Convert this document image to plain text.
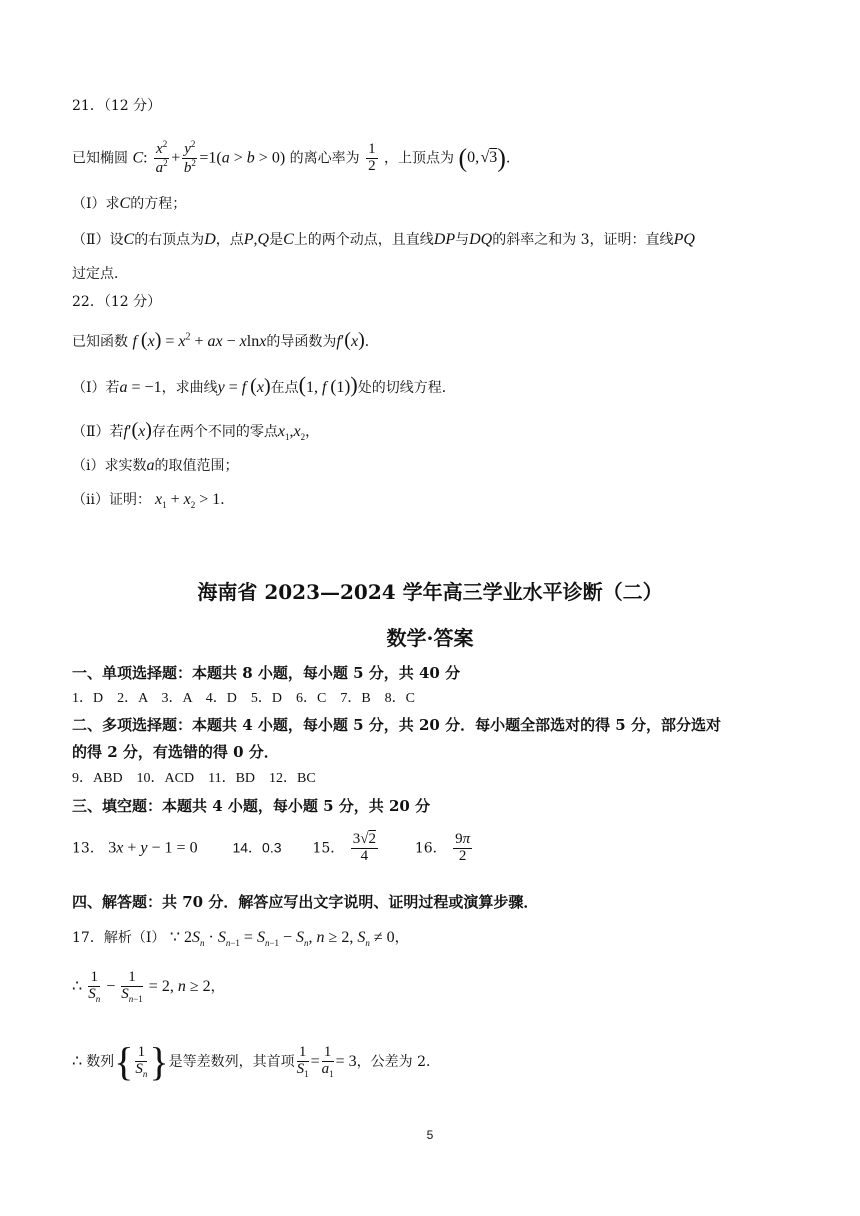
21．（12 分）
已知椭圆 C: $\frac{x^2}{a^2} + \frac{y^2}{b^2} =1(a > b > 0)$ 的离心率为 $\frac{1}{2}$ ，上顶点为 (0, √3)．
（Ⅰ）求C的方程；
（Ⅱ）设C的右顶点为D，点P,Q是C上的两个动点，且直线DP与DQ的斜率之和为 3，证明：直线PQ
过定点．
22．（12 分）
已知函数 f $(x) = x^2$ + ax − xlnx的导函数为f′(x)．
（Ⅰ）若a = −1，求曲线y = f (x)在点(1, f (1))处的切线方程．
（Ⅱ）若f′(x)存在两个不同的零点$x_1,x_2$，
（ⅰ）求实数a的取值范围；
（ⅱ）证明： $x_1 + x_2 > 1$．
海南省 2023—2024 学年高三学业水平诊断（二）
数学·答案
一、单项选择题：本题共 8 小题，每小题 5 分，共 40 分
1．D　2．A　3．A　4．D　5．D　6．C　7．B　8．C
二、多项选择题：本题共 4 小题，每小题 5 分，共 20 分．每小题全部选对的得 5 分，部分选对
的得 2 分，有选错的得 0 分．
9．ABD　10．ACD　11．BD　12．BC
三、填空题：本题共 4 小题，每小题 5 分，共 20 分
13． 3x + y − 1 = 0 14．0.3 15． $\frac{3√2}{4}$	16． $\frac{9\pi}{2}$
四、解答题：共 70 分．解答应写出文字说明、证明过程或演算步骤．
17．解析（Ⅰ） ∵ $2S_n \cdot S_{n-1} = S_{n-1} - S_n$, n ≥ 2, $S_n \ne 0$，
∴ $\frac{1}{S_n} - \frac{1}{S_{n-1}} = 2$, n ≥ 2，
∴ 数列{ $\frac{1}{S_n}$ }是等差数列，其首项 $\frac{1}{S_1} = \frac{1}{a_1} = 3$，公差为 2．
5
